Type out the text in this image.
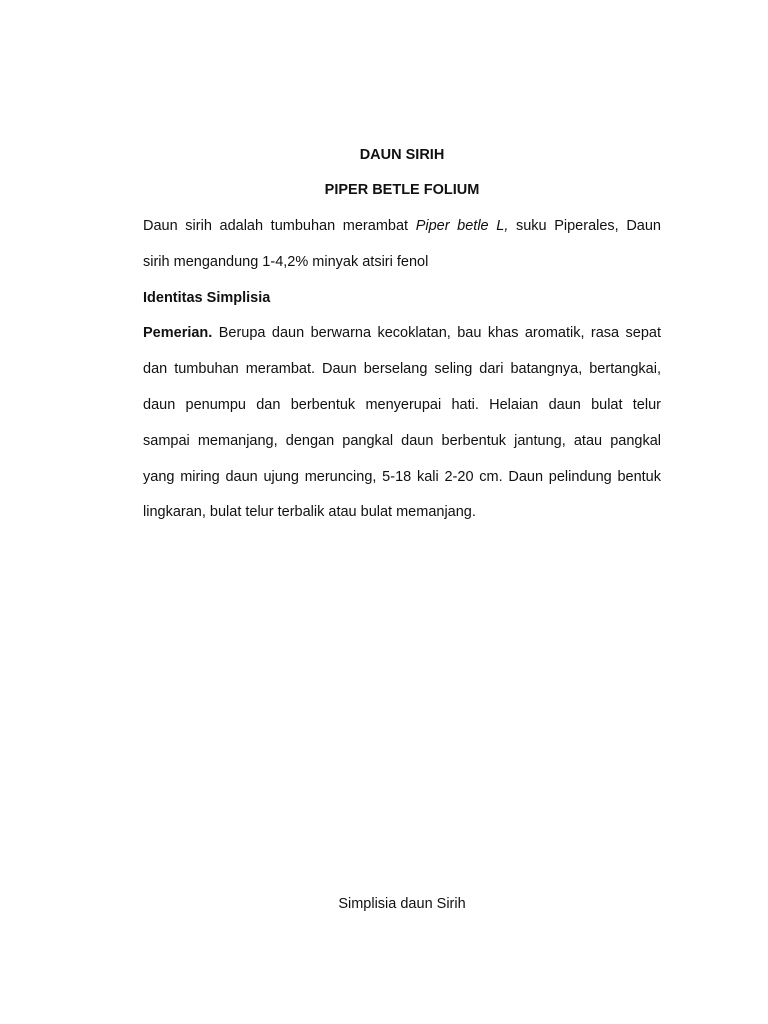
DAUN SIRIH
PIPER BETLE FOLIUM
Daun sirih adalah tumbuhan merambat Piper betle L, suku Piperales, Daun
sirih mengandung 1-4,2% minyak atsiri fenol
Identitas Simplisia
Pemerian. Berupa daun berwarna kecoklatan, bau khas aromatik, rasa sepat
dan tumbuhan merambat. Daun berselang seling dari batangnya, bertangkai,
daun penumpu dan berbentuk menyerupai hati. Helaian daun bulat telur
sampai memanjang, dengan pangkal daun berbentuk jantung, atau pangkal
yang miring daun ujung meruncing, 5-18 kali 2-20 cm. Daun pelindung bentuk
lingkaran, bulat telur terbalik atau bulat memanjang.
Simplisia daun Sirih
